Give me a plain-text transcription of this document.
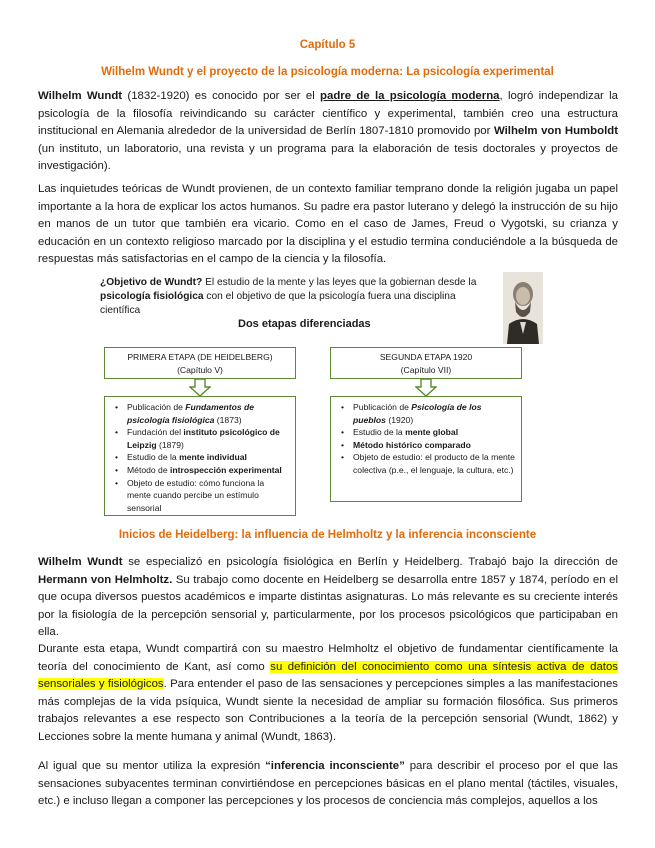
Capítulo 5
Wilhelm Wundt y el proyecto de la psicología moderna: La psicología experimental

Wilhelm Wundt (1832-1920) es conocido por ser el padre de la psicología moderna, logró independizar la psicología de la filosofía reivindicando su carácter científico y experimental, también creo una estructura institucional en Alemania alrededor de la universidad de Berlín 1807-1810 promovido por Wilhelm von Humboldt (un instituto, un laboratorio, una revista y un programa para la elaboración de tesis doctorales y proyectos de investigación).

Las inquietudes teóricas de Wundt provienen, de un contexto familiar temprano donde la religión jugaba un papel importante a la hora de explicar los actos humanos. Su padre era pastor luterano y delegó la instrucción de su hijo en manos de un tutor que también era vicario. Como en el caso de James, Freud o Vygotski, su crianza y educación en un contexto religioso marcado por la disciplina y el estudio termina conduciéndole a la búsqueda de respuestas más satisfactorias en el campo de la ciencia y la filosofía.

¿Objetivo de Wundt? El estudio de la mente y las leyes que la gobiernan desde la psicología fisiológica con el objetivo de que la psicología fuera una disciplina científica
Dos etapas diferenciadas
PRIMERA ETAPA (DE HEIDELBERG)
(Capítulo V)
SEGUNDA ETAPA 1920
(Capítulo VII)
• Publicación de Fundamentos de psicología fisiológica (1873)
• Fundación del instituto psicológico de Leipzig (1879)
• Estudio de la mente individual
• Método de introspección experimental
• Objeto de estudio: cómo funciona la mente cuando percibe un estímulo sensorial
• Publicación de Psicología de los pueblos (1920)
• Estudio de la mente global
• Método histórico comparado
• Objeto de estudio: el producto de la mente colectiva (p.e., el lenguaje, la cultura, etc.)
Inicios de Heidelberg: la influencia de Helmholtz y la inferencia inconsciente

Wilhelm Wundt se especializó en psicología fisiológica en Berlín y Heidelberg. Trabajó bajo la dirección de Hermann von Helmholtz. Su trabajo como docente en Heidelberg se desarrolla entre 1857 y 1874, período en el que ocupa diversos puestos académicos e imparte distintas asignaturas. Lo más relevante es su creciente interés por la fisiología de la percepción sensorial y, particularmente, por los procesos psicológicos que participaban en ella.

Durante esta etapa, Wundt compartirá con su maestro Helmholtz el objetivo de fundamentar científicamente la teoría del conocimiento de Kant, así como su definición del conocimiento como una síntesis activa de datos sensoriales y fisiológicos. Para entender el paso de las sensaciones y percepciones simples a las manifestaciones más complejas de la vida psíquica, Wundt siente la necesidad de ampliar su formación filosófica. Sus primeros trabajos relevantes a ese respecto son Contribuciones a la teoría de la percepción sensorial (Wundt, 1862) y Lecciones sobre la mente humana y animal (Wundt, 1863).

Al igual que su mentor utiliza la expresión “inferencia inconsciente” para describir el proceso por el que las sensaciones subyacentes terminan convirtiéndose en percepciones básicas en el plano mental (táctiles, visuales, etc.) e incluso llegan a componer las percepciones y los procesos de conciencia más complejos, aquellos a los
